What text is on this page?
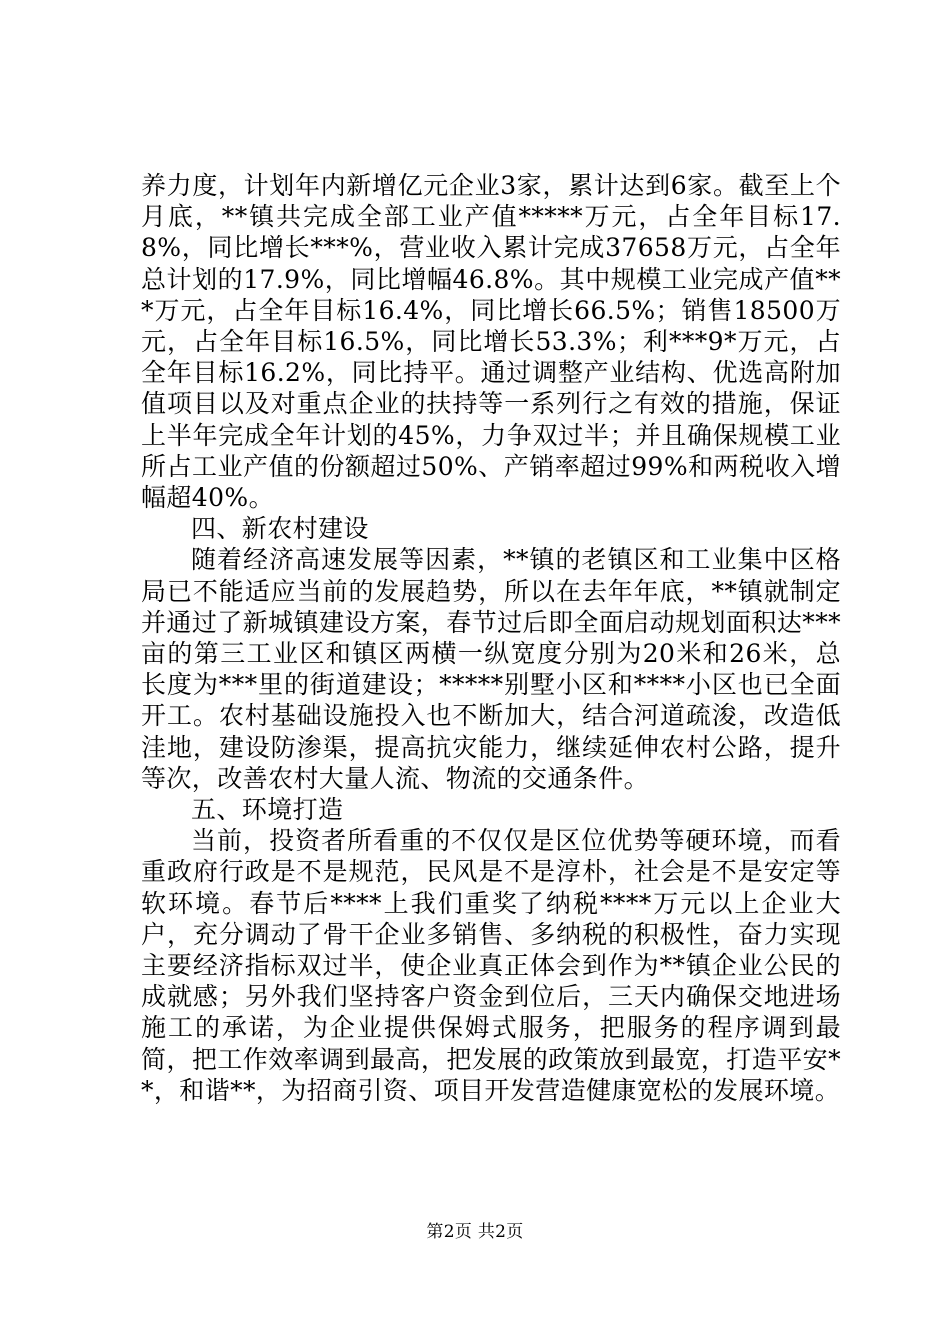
养力度，计划年内新增亿元企业3家，累计达到6家。截至上个月底，**镇共完成全部工业产值*****万元，占全年目标17.8%，同比增长***%，营业收入累计完成37658万元，占全年总计划的17.9%，同比增幅46.8%。其中规模工业完成产值***万元，占全年目标16.4%，同比增长66.5%；销售18500万元，占全年目标16.5%，同比增长53.3%；利***9*万元，占全年目标16.2%，同比持平。通过调整产业结构、优选高附加值项目以及对重点企业的扶持等一系列行之有效的措施，保证上半年完成全年计划的45%，力争双过半；并且确保规模工业所占工业产值的份额超过50%、产销率超过99%和两税收入增幅超40%。

四、新农村建设

随着经济高速发展等因素，**镇的老镇区和工业集中区格局已不能适应当前的发展趋势，所以在去年年底，**镇就制定并通过了新城镇建设方案，春节过后即全面启动规划面积达***亩的第三工业区和镇区两横一纵宽度分别为20米和26米，总长度为***里的街道建设；*****别墅小区和****小区也已全面开工。农村基础设施投入也不断加大，结合河道疏浚，改造低洼地，建设防渗渠，提高抗灾能力，继续延伸农村公路，提升等次，改善农村大量人流、物流的交通条件。

五、环境打造

当前，投资者所看重的不仅仅是区位优势等硬环境，而看重政府行政是不是规范，民风是不是淳朴，社会是不是安定等软环境。春节后****上我们重奖了纳税****万元以上企业大户，充分调动了骨干企业多销售、多纳税的积极性，奋力实现主要经济指标双过半，使企业真正体会到作为**镇企业公民的成就感；另外我们坚持客户资金到位后，三天内确保交地进场施工的承诺，为企业提供保姆式服务，把服务的程序调到最简，把工作效率调到最高，把发展的政策放到最宽，打造平安**，和谐**，为招商引资、项目开发营造健康宽松的发展环境。

第2页 共2页
